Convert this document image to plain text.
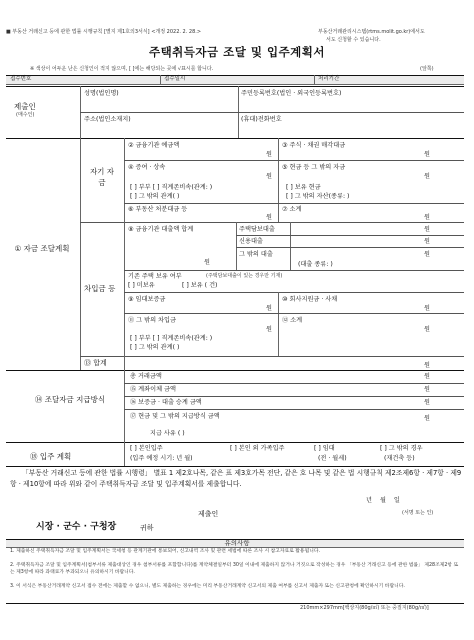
■ 부동산 거래신고 등에 관한 법률 시행규칙 [별지 제1호의3서식] <개정 2022. 2. 28.>	부동산거래관리시스템(rtms.molit.go.kr)에서도
서도 신청할 수 있습니다.
주택취득자금 조달 및 입주계획서
※ 색상이 어두운 난은 신청인이 적지 않으며, [ ]에는 해당되는 곳에 √표시를 합니다.	(앞쪽)
접수번호	접수일시	처리기간
제출인
(매수인)
성명(법인명)	주민등록번호(법인 · 외국인등록번호)
주소(법인소재지)	(휴대)전화번호
① 자금 조달계획
자기 자금
② 금융기관 예금액
원
③ 주식 · 채권 매각대금
원
④ 증여 · 상속
원
⑤ 현금 등 그 밖의 자금
원
[ ] 부부 [ ] 직계존비속(관계: )
[ ] 그 밖의 관계( )
[ ] 보유 현금
[ ] 그 밖의 자산(종류: )
⑥ 부동산 처분대금 등
원
⑦ 소계
원
차입금 등
⑧ 금융기관 대출액 합계
원
주택담보대출	원
신용대출	원
그 밖의 대출	원
(대출 종류: )
기존 주택 보유 여부	(주택담보대출이 있는 경우만 기재)
[ ] 미보유	[ ] 보유 ( 건)
⑨ 임대보증금
원
⑩ 회사지원금 · 사채
원
⑪ 그 밖의 차입금
원
⑫ 소계
원
[ ] 부부 [ ] 직계존비속(관계: )
[ ] 그 밖의 관계( )
⑬ 합계	원
⑭ 조달자금 지급방식
총 거래금액	원
⑮ 계좌이체 금액	원
⑯ 보증금 · 대출 승계 금액	원
⑰ 현금 및 그 밖의 지급방식 금액	원
지급 사유 ( )
⑱ 입주 계획
[ ] 본인입주
(입주 예정 시기: 년 월)
[ ] 본인 외 가족입주	[ ] 임대
(전 · 월세)
[ ] 그 밖의 경우
(재건축 등)
「부동산 거래신고 등에 관한 법률 시행령」 별표 1 제2호나목, 같은 표 제3호가목 전단, 같은 호 나목 및 같은 법 시행규칙 제2조제6항 · 제7항 · 제9항 · 제10항에 따라 위와 같이 주택취득자금 조달 및 입주계획서를 제출합니다.
년 월 일
제출인	(서명 또는 인)
시장 · 군수 · 구청장	귀하
유의사항
1. 제출하신 주택취득자금 조달 및 입주계획서는 국세청 등 관계기관에 통보되어, 신고내역 조사 및 관련 세법에 따른 조사 시 참고자료로 활용됩니다.
2. 주택취득자금 조달 및 입주계획서(첨부서류 제출대상인 경우 첨부서류를 포함합니다)를 계약체결일부터 30일 이내에 제출하지 않거나 거짓으로 작성하는 경우 「부동산 거래신고 등에 관한 법률」 제28조제2항 또는 제3항에 따라 과태료가 부과되오니 유의하시기 바랍니다.
3. 이 서식은 부동산거래계약 신고서 접수 전에는 제출할 수 없으니, 별도 제출하는 경우에는 미리 부동산거래계약 신고서의 제출 여부를 신고서 제출자 또는 신고관청에 확인하시기 바랍니다.
210mm×297mm[백상지(80g/㎡) 또는 중질지(80g/㎡)]
